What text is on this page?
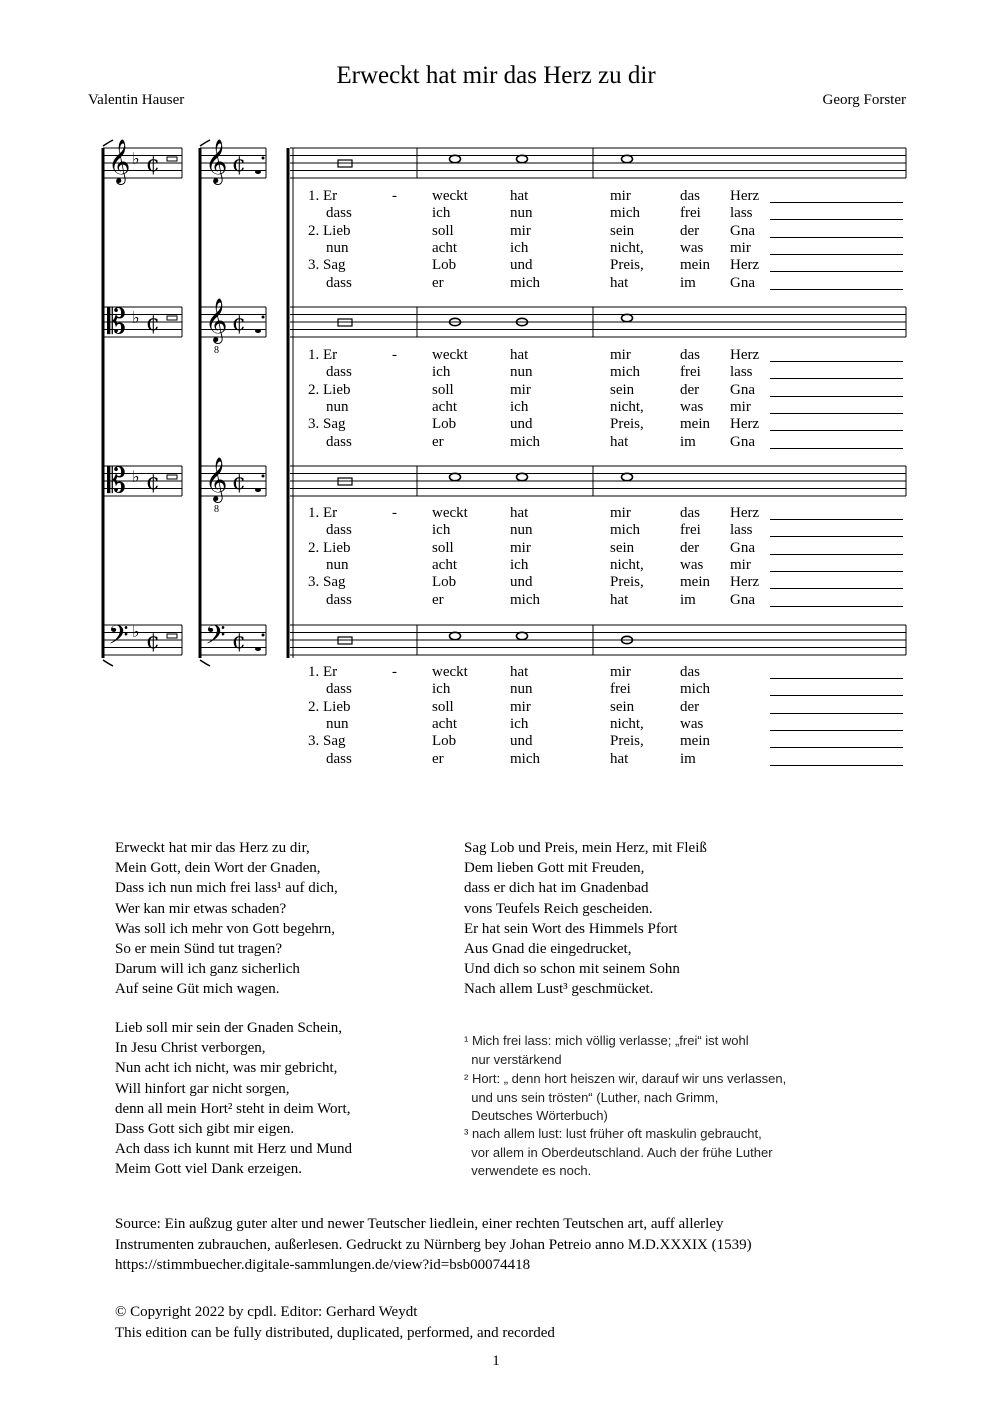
Erweckt hat mir das Herz zu dir
Valentin Hauser	Georg Forster
𝄞 𝄞
♭ ¢	¢
𝄡 𝄞
8
♭ ¢	¢
𝄡 𝄞
8
♭ ¢	¢
𝄢 𝄢
♭ ¢	¢
1. Er	- weckt	hat	mir	das Herz
dass	ich	nun	mich	frei lass
2. Lieb	soll	mir	sein	der Gna
nun	acht	ich	nicht, was mir
3. Sag	Lob	und	Preis, mein Herz
dass	er	mich	hat	im Gna
1. Er	- weckt	hat	mir	das Herz
dass	ich	nun	mich	frei lass
2. Lieb	soll	mir	sein	der Gna
nun	acht	ich	nicht, was mir
3. Sag	Lob	und	Preis, mein Herz
dass	er	mich	hat	im Gna
1. Er	- weckt	hat	mir	das Herz
dass	ich	nun	mich	frei lass
2. Lieb	soll	mir	sein	der Gna
nun	acht	ich	nicht, was mir
3. Sag	Lob	und	Preis, mein Herz
dass	er	mich	hat	im Gna
1. Er	- weckt	hat	mir	das
dass	ich	nun	frei	mich
2. Lieb	soll	mir	sein	der
nun	acht	ich	nicht, was
3. Sag	Lob	und	Preis, mein
dass	er	mich	hat	im
Erweckt hat mir das Herz zu dir,
Mein Gott, dein Wort der Gnaden,
Dass ich nun mich frei lass¹ auf dich,
Wer kan mir etwas schaden?
Was soll ich mehr von Gott begehrn,
So er mein Sünd tut tragen?
Darum will ich ganz sicherlich
Auf seine Güt mich wagen.
Lieb soll mir sein der Gnaden Schein,
In Jesu Christ verborgen,
Nun acht ich nicht, was mir gebricht,
Will hinfort gar nicht sorgen,
denn all mein Hort² steht in deim Wort,
Dass Gott sich gibt mir eigen.
Ach dass ich kunnt mit Herz und Mund
Meim Gott viel Dank erzeigen.
Sag Lob und Preis, mein Herz, mit Fleiß
Dem lieben Gott mit Freuden,
dass er dich hat im Gnadenbad
vons Teufels Reich gescheiden.
Er hat sein Wort des Himmels Pfort
Aus Gnad die eingedrucket,
Und dich so schon mit seinem Sohn
Nach allem Lust³ geschmücket.
¹ Mich frei lass: mich völlig verlasse; „frei“ ist wohl
nur verstärkend
² Hort: „ denn hort heiszen wir, darauf wir uns verlassen,
und uns sein trösten“ (Luther, nach Grimm,
Deutsches Wörterbuch)
³ nach allem lust: lust früher oft maskulin gebraucht,
vor allem in Oberdeutschland. Auch der frühe Luther
verwendete es noch.
Source: Ein außzug guter alter und newer Teutscher liedlein, einer rechten Teutschen art, auff allerley
Instrumenten zubrauchen, außerlesen. Gedruckt zu Nürnberg bey Johan Petreio anno M.D.XXXIX (1539)
https://stimmbuecher.digitale-sammlungen.de/view?id=bsb00074418
© Copyright 2022 by cpdl. Editor: Gerhard Weydt
This edition can be fully distributed, duplicated, performed, and recorded
1
